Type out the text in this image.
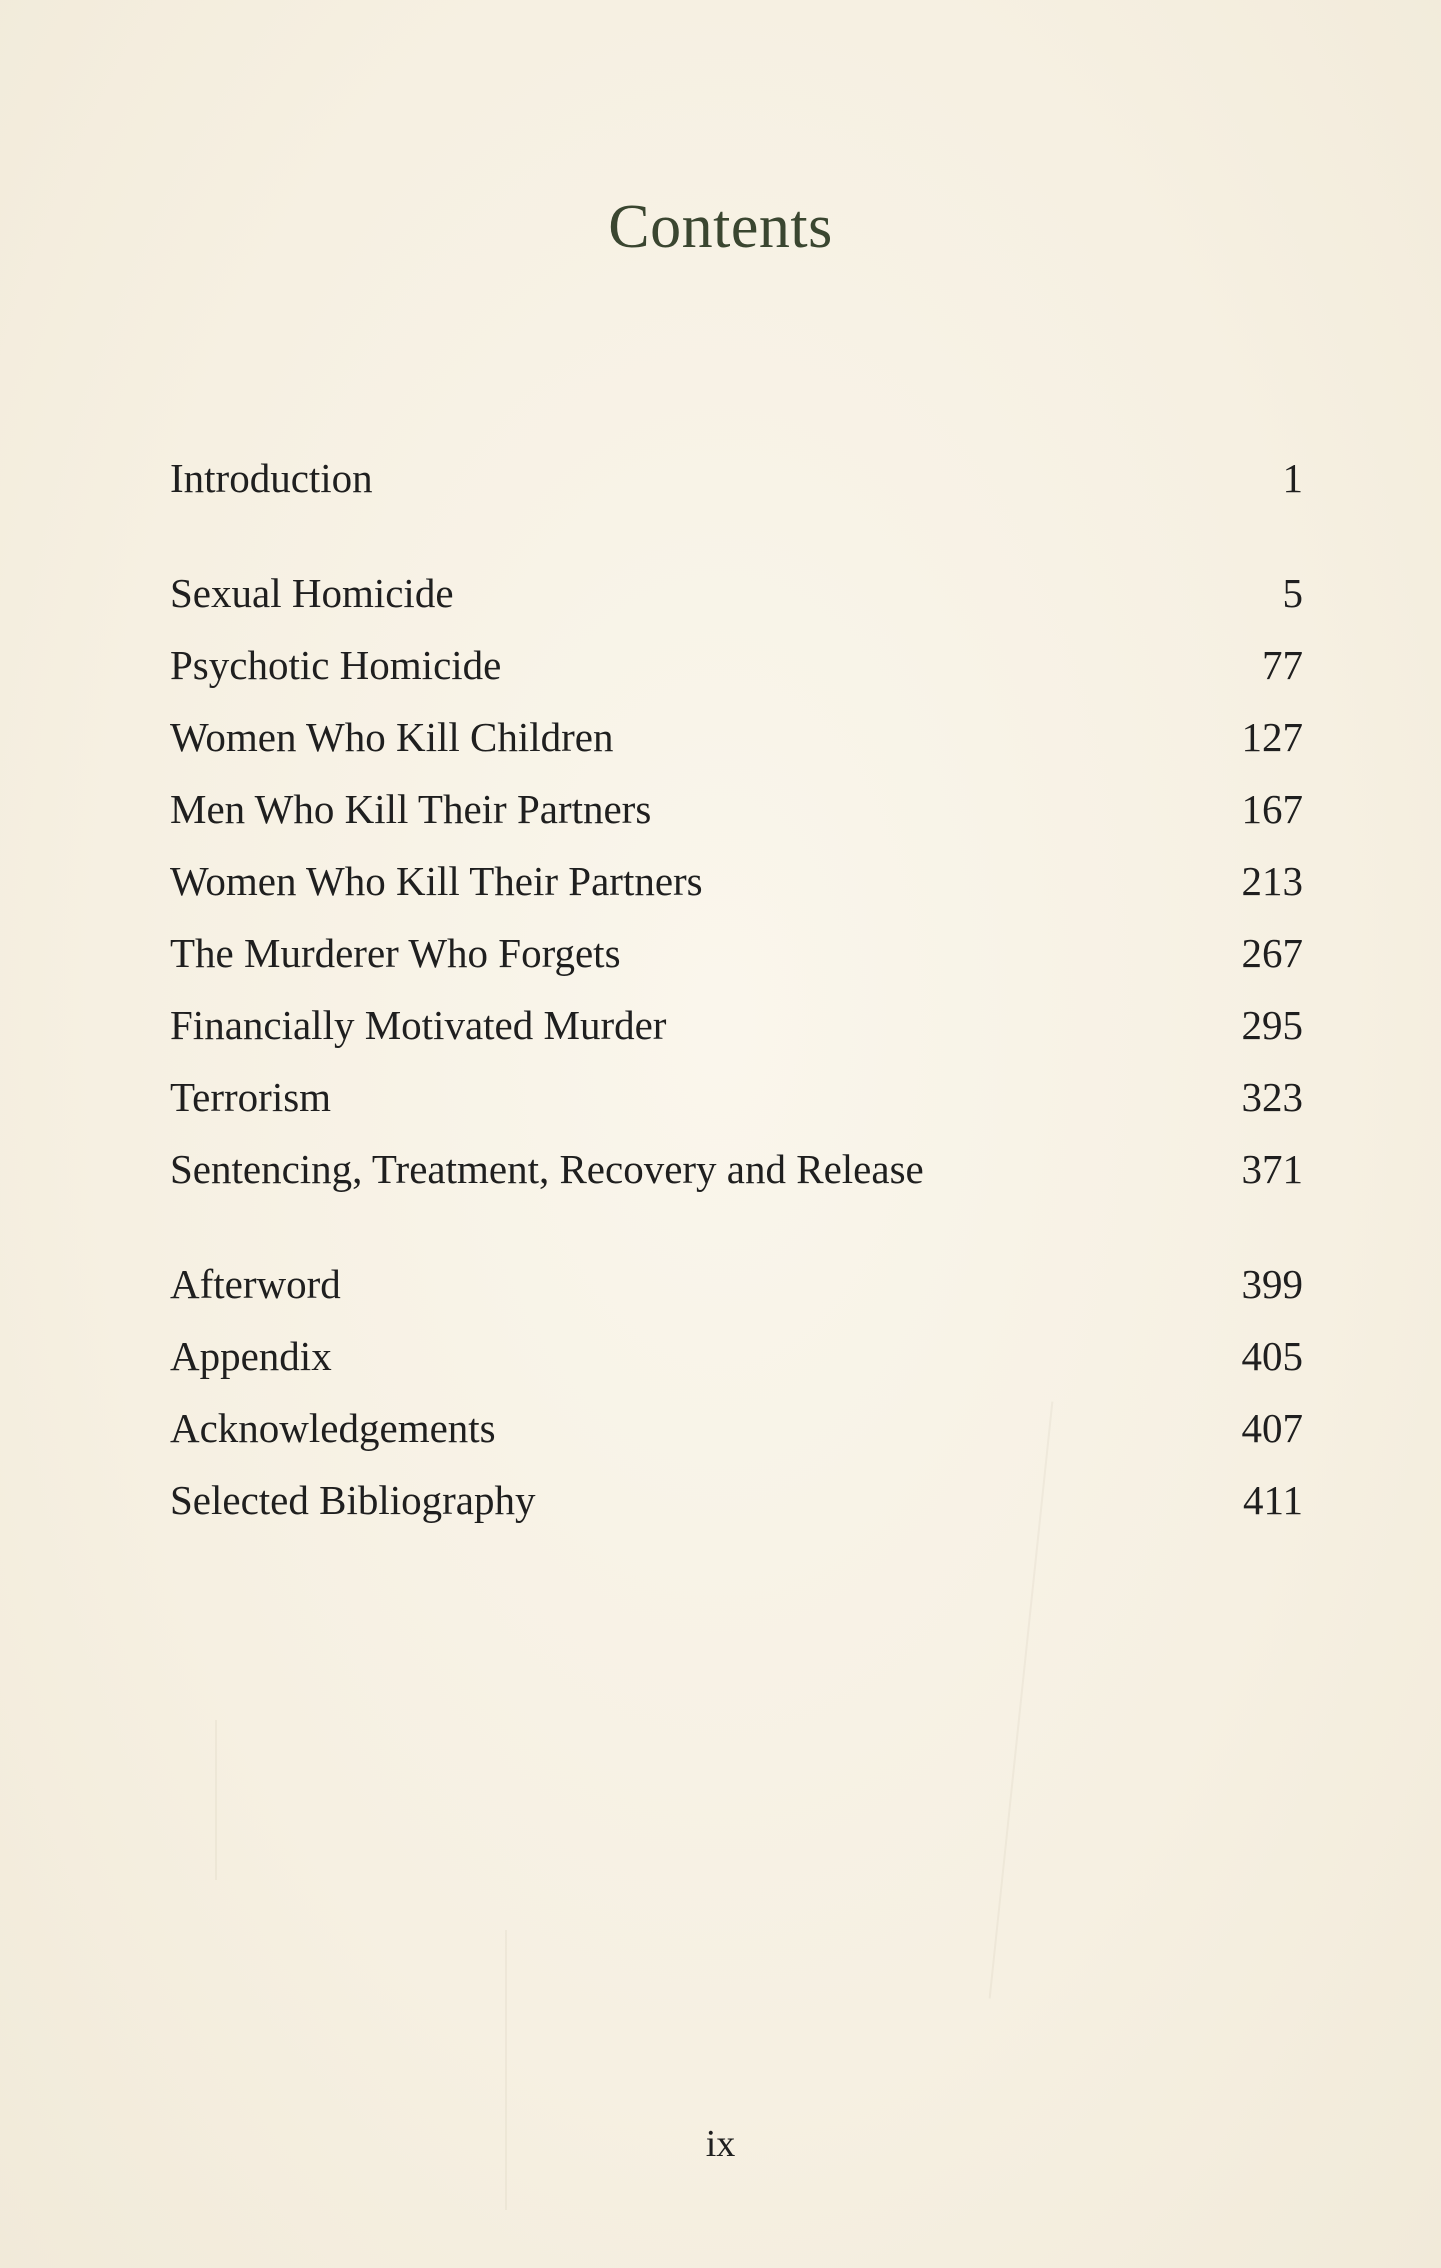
Contents
Introduction	1
Sexual Homicide	5
Psychotic Homicide	77
Women Who Kill Children	127
Men Who Kill Their Partners	167
Women Who Kill Their Partners	213
The Murderer Who Forgets	267
Financially Motivated Murder	295
Terrorism	323
Sentencing, Treatment, Recovery and Release	371
Afterword	399
Appendix	405
Acknowledgements	407
Selected Bibliography	411
ix
